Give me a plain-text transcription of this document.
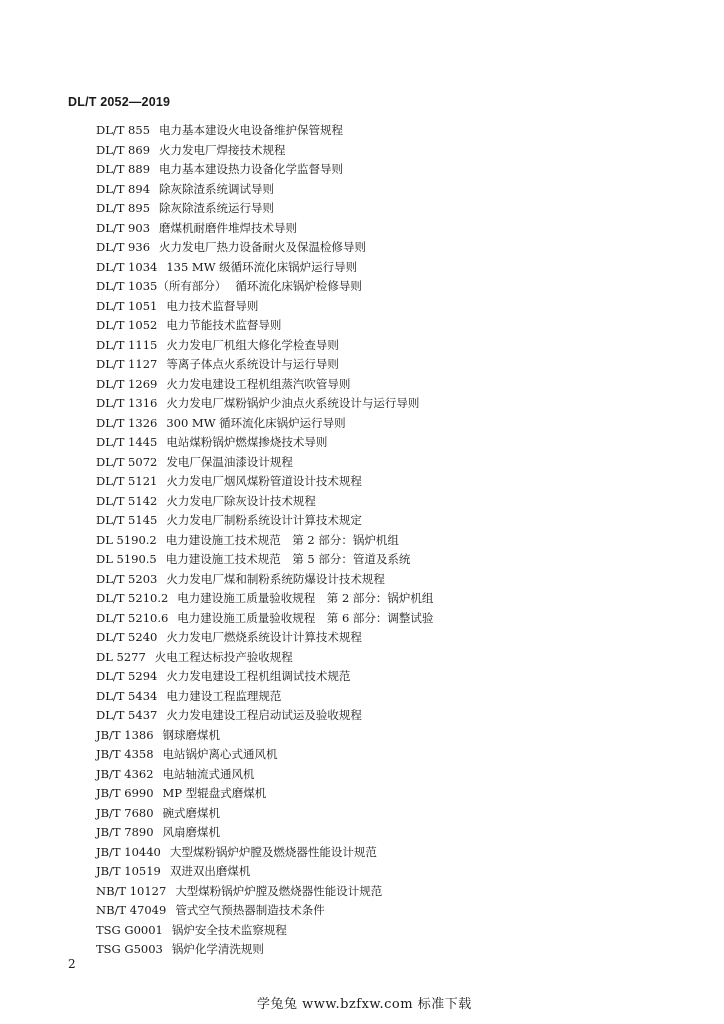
DL/T 2052—2019
DL/T 855 电力基本建设火电设备维护保管规程
DL/T 869 火力发电厂焊接技术规程
DL/T 889 电力基本建设热力设备化学监督导则
DL/T 894 除灰除渣系统调试导则
DL/T 895 除灰除渣系统运行导则
DL/T 903 磨煤机耐磨件堆焊技术导则
DL/T 936 火力发电厂热力设备耐火及保温检修导则
DL/T 1034 135 MW 级循环流化床锅炉运行导则
DL/T 1035（所有部分） 循环流化床锅炉检修导则
DL/T 1051 电力技术监督导则
DL/T 1052 电力节能技术监督导则
DL/T 1115 火力发电厂机组大修化学检查导则
DL/T 1127 等离子体点火系统设计与运行导则
DL/T 1269 火力发电建设工程机组蒸汽吹管导则
DL/T 1316 火力发电厂煤粉锅炉少油点火系统设计与运行导则
DL/T 1326 300 MW 循环流化床锅炉运行导则
DL/T 1445 电站煤粉锅炉燃煤掺烧技术导则
DL/T 5072 发电厂保温油漆设计规程
DL/T 5121 火力发电厂烟风煤粉管道设计技术规程
DL/T 5142 火力发电厂除灰设计技术规程
DL/T 5145 火力发电厂制粉系统设计计算技术规定
DL 5190.2 电力建设施工技术规范　第 2 部分：锅炉机组
DL 5190.5 电力建设施工技术规范　第 5 部分：管道及系统
DL/T 5203 火力发电厂煤和制粉系统防爆设计技术规程
DL/T 5210.2 电力建设施工质量验收规程　第 2 部分：锅炉机组
DL/T 5210.6 电力建设施工质量验收规程　第 6 部分：调整试验
DL/T 5240 火力发电厂燃烧系统设计计算技术规程
DL 5277 火电工程达标投产验收规程
DL/T 5294 火力发电建设工程机组调试技术规范
DL/T 5434 电力建设工程监理规范
DL/T 5437 火力发电建设工程启动试运及验收规程
JB/T 1386 钢球磨煤机
JB/T 4358 电站锅炉离心式通风机
JB/T 4362 电站轴流式通风机
JB/T 6990 MP 型辊盘式磨煤机
JB/T 7680 碗式磨煤机
JB/T 7890 风扇磨煤机
JB/T 10440 大型煤粉锅炉炉膛及燃烧器性能设计规范
JB/T 10519 双进双出磨煤机
NB/T 10127 大型煤粉锅炉炉膛及燃烧器性能设计规范
NB/T 47049 管式空气预热器制造技术条件
TSG G0001 锅炉安全技术监察规程
TSG G5003 锅炉化学清洗规则
2
学兔兔 www.bzfxw.com 标准下载
